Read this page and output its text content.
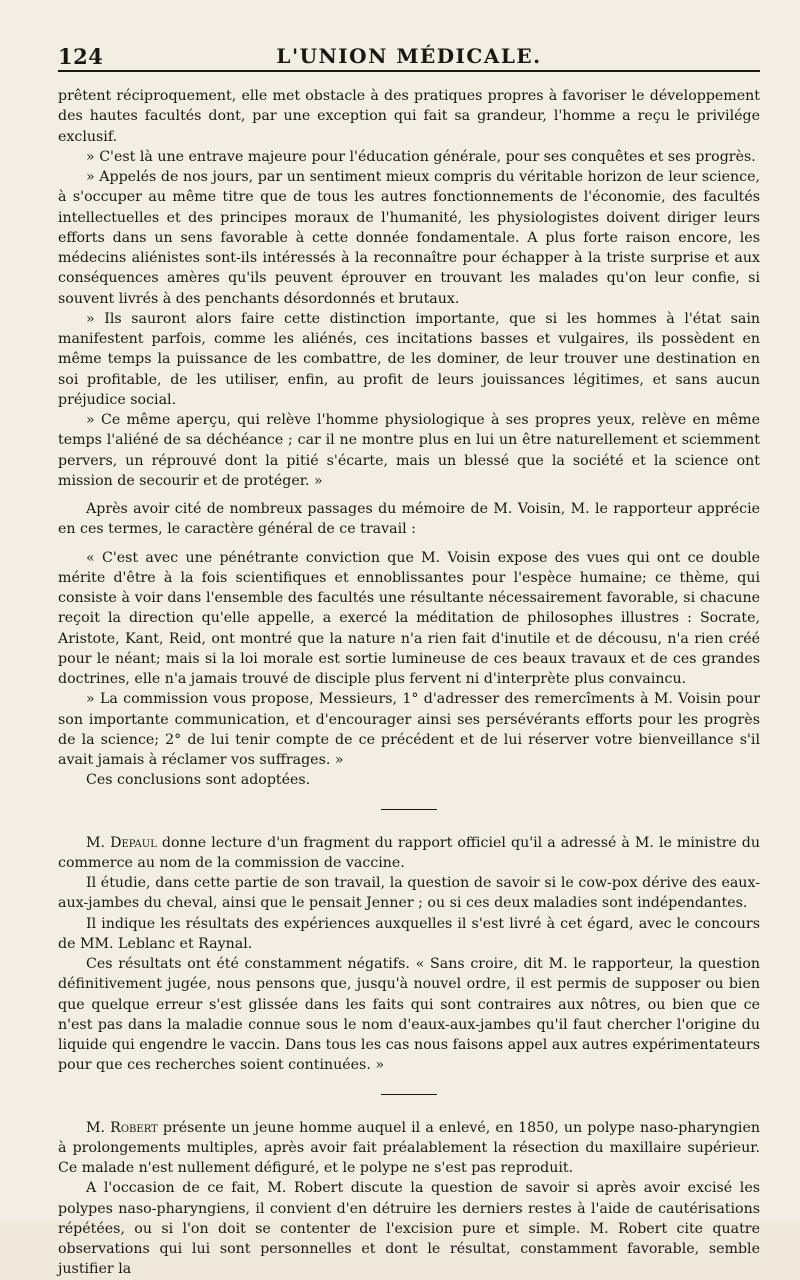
124	L'UNION MÉDICALE.

prêtent réciproquement, elle met obstacle à des pratiques propres à favoriser le développement des hautes facultés dont, par une exception qui fait sa grandeur, l'homme a reçu le privilége exclusif.

» C'est là une entrave majeure pour l'éducation générale, pour ses conquêtes et ses progrès.

» Appelés de nos jours, par un sentiment mieux compris du véritable horizon de leur science, à s'occuper au même titre que de tous les autres fonctionnements de l'économie, des facultés intellectuelles et des principes moraux de l'humanité, les physiologistes doivent diriger leurs efforts dans un sens favorable à cette donnée fondamentale. A plus forte raison encore, les médecins aliénistes sont-ils intéressés à la reconnaître pour échapper à la triste surprise et aux conséquences amères qu'ils peuvent éprouver en trouvant les malades qu'on leur confie, si souvent livrés à des penchants désordonnés et brutaux.

» Ils sauront alors faire cette distinction importante, que si les hommes à l'état sain manifestent parfois, comme les aliénés, ces incitations basses et vulgaires, ils possèdent en même temps la puissance de les combattre, de les dominer, de leur trouver une destination en soi profitable, de les utiliser, enfin, au profit de leurs jouissances légitimes, et sans aucun préjudice social.

» Ce même aperçu, qui relève l'homme physiologique à ses propres yeux, relève en même temps l'aliéné de sa déchéance ; car il ne montre plus en lui un être naturellement et sciemment pervers, un réprouvé dont la pitié s'écarte, mais un blessé que la société et la science ont mission de secourir et de protéger. »

Après avoir cité de nombreux passages du mémoire de M. Voisin, M. le rapporteur apprécie en ces termes, le caractère général de ce travail :

« C'est avec une pénétrante conviction que M. Voisin expose des vues qui ont ce double mérite d'être à la fois scientifiques et ennoblissantes pour l'espèce humaine; ce thème, qui consiste à voir dans l'ensemble des facultés une résultante nécessairement favorable, si chacune reçoit la direction qu'elle appelle, a exercé la méditation de philosophes illustres : Socrate, Aristote, Kant, Reid, ont montré que la nature n'a rien fait d'inutile et de décousu, n'a rien créé pour le néant; mais si la loi morale est sortie lumineuse de ces beaux travaux et de ces grandes doctrines, elle n'a jamais trouvé de disciple plus fervent ni d'interprète plus convaincu.

» La commission vous propose, Messieurs, 1° d'adresser des remercîments à M. Voisin pour son importante communication, et d'encourager ainsi ses persévérants efforts pour les progrès de la science; 2° de lui tenir compte de ce précédent et de lui réserver votre bienveillance s'il avait jamais à réclamer vos suffrages. »

Ces conclusions sont adoptées.

M. Depaul donne lecture d'un fragment du rapport officiel qu'il a adressé à M. le ministre du commerce au nom de la commission de vaccine.

Il étudie, dans cette partie de son travail, la question de savoir si le cow-pox dérive des eaux-aux-jambes du cheval, ainsi que le pensait Jenner ; ou si ces deux maladies sont indépendantes.

Il indique les résultats des expériences auxquelles il s'est livré à cet égard, avec le concours de MM. Leblanc et Raynal.

Ces résultats ont été constamment négatifs. « Sans croire, dit M. le rapporteur, la question définitivement jugée, nous pensons que, jusqu'à nouvel ordre, il est permis de supposer ou bien que quelque erreur s'est glissée dans les faits qui sont contraires aux nôtres, ou bien que ce n'est pas dans la maladie connue sous le nom d'eaux-aux-jambes qu'il faut chercher l'origine du liquide qui engendre le vaccin. Dans tous les cas nous faisons appel aux autres expérimentateurs pour que ces recherches soient continuées. »

M. Robert présente un jeune homme auquel il a enlevé, en 1850, un polype naso-pharyngien à prolongements multiples, après avoir fait préalablement la résection du maxillaire supérieur. Ce malade n'est nullement défiguré, et le polype ne s'est pas reproduit.

A l'occasion de ce fait, M. Robert discute la question de savoir si après avoir excisé les polypes naso-pharyngiens, il convient d'en détruire les derniers restes à l'aide de cautérisations répétées, ou si l'on doit se contenter de l'excision pure et simple. M. Robert cite quatre observations qui lui sont personnelles et dont le résultat, constamment favorable, semble justifier la
